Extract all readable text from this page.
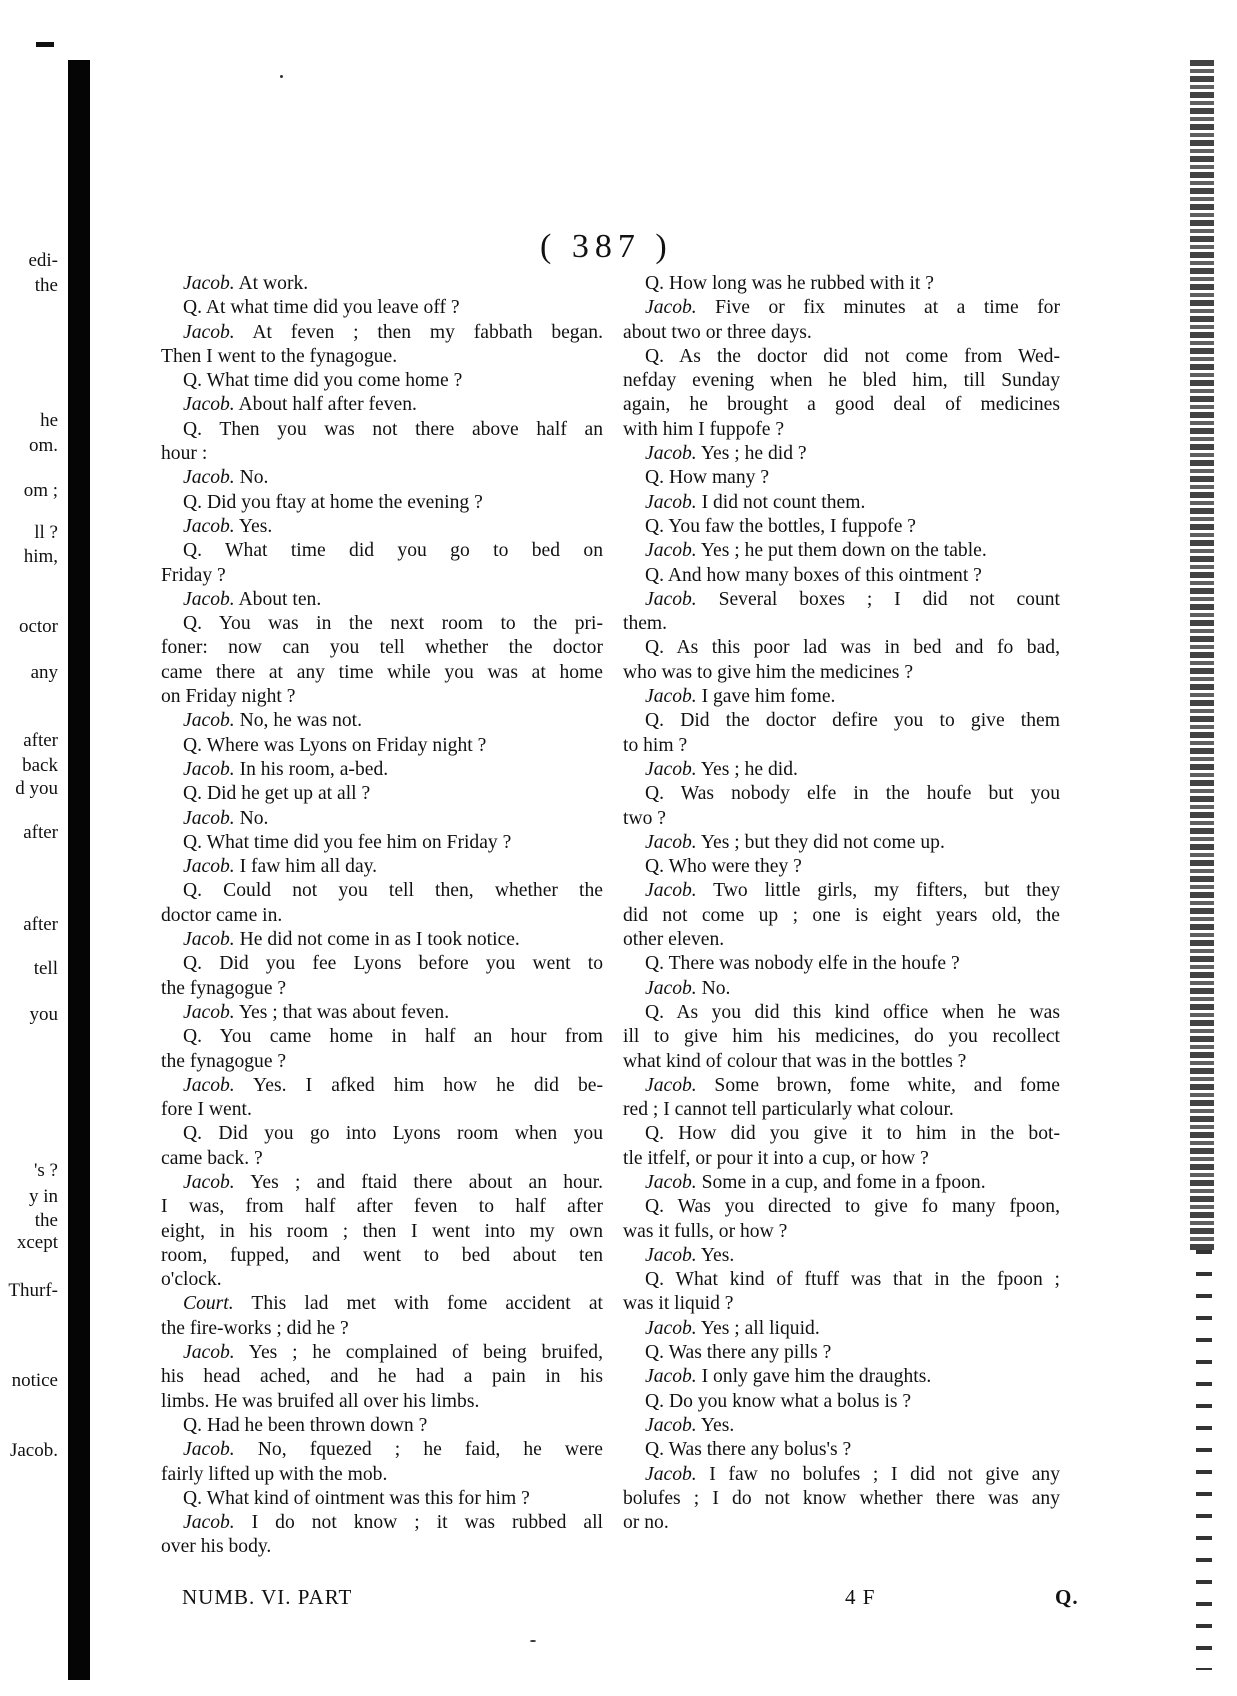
edi-
the
he
om.
om ;
ll ?
him,
octor
any
after
back
d you
after
after
tell
you
's ?
y in
the
xcept
Thurf-
notice
Jacob.
( 387 )
Jacob. At work.
Q. At what time did you leave off ?
Jacob. At feven ; then my fabbath began.
Then I went to the fynagogue.
Q. What time did you come home ?
Jacob. About half after feven.
Q. Then you was not there above half an
hour :
Jacob. No.
Q. Did you ftay at home the evening ?
Jacob. Yes.
Q. What time did you go to bed on
Friday ?
Jacob. About ten.
Q. You was in the next room to the pri-
foner: now can you tell whether the doctor
came there at any time while you was at home
on Friday night ?
Jacob. No, he was not.
Q. Where was Lyons on Friday night ?
Jacob. In his room, a-bed.
Q. Did he get up at all ?
Jacob. No.
Q. What time did you fee him on Friday ?
Jacob. I faw him all day.
Q. Could not you tell then, whether the
doctor came in.
Jacob. He did not come in as I took notice.
Q. Did you fee Lyons before you went to
the fynagogue ?
Jacob. Yes ; that was about feven.
Q. You came home in half an hour from
the fynagogue ?
Jacob. Yes. I afked him how he did be-
fore I went.
Q. Did you go into Lyons room when you
came back. ?
Jacob. Yes ; and ftaid there about an hour.
I was, from half after feven to half after
eight, in his room ; then I went into my own
room, fupped, and went to bed about ten
o'clock.
Court. This lad met with fome accident at
the fire-works ; did he ?
Jacob. Yes ; he complained of being bruifed,
his head ached, and he had a pain in his
limbs. He was bruifed all over his limbs.
Q. Had he been thrown down ?
Jacob. No, fquezed ; he faid, he were
fairly lifted up with the mob.
Q. What kind of ointment was this for him ?
Jacob. I do not know ; it was rubbed all
over his body.
Q. How long was he rubbed with it ?
Jacob. Five or fix minutes at a time for
about two or three days.
Q. As the doctor did not come from Wed-
nefday evening when he bled him, till Sunday
again, he brought a good deal of medicines
with him I fuppofe ?
Jacob. Yes ; he did ?
Q. How many ?
Jacob. I did not count them.
Q. You faw the bottles, I fuppofe ?
Jacob. Yes ; he put them down on the table.
Q. And how many boxes of this ointment ?
Jacob. Several boxes ; I did not count
them.
Q. As this poor lad was in bed and fo bad,
who was to give him the medicines ?
Jacob. I gave him fome.
Q. Did the doctor defire you to give them
to him ?
Jacob. Yes ; he did.
Q. Was nobody elfe in the houfe but you
two ?
Jacob. Yes ; but they did not come up.
Q. Who were they ?
Jacob. Two little girls, my fifters, but they
did not come up ; one is eight years old, the
other eleven.
Q. There was nobody elfe in the houfe ?
Jacob. No.
Q. As you did this kind office when he was
ill to give him his medicines, do you recollect
what kind of colour that was in the bottles ?
Jacob. Some brown, fome white, and fome
red ; I cannot tell particularly what colour.
Q. How did you give it to him in the bot-
tle itfelf, or pour it into a cup, or how ?
Jacob. Some in a cup, and fome in a fpoon.
Q. Was you directed to give fo many fpoon,
was it fulls, or how ?
Jacob. Yes.
Q. What kind of ftuff was that in the fpoon ;
was it liquid ?
Jacob. Yes ; all liquid.
Q. Was there any pills ?
Jacob. I only gave him the draughts.
Q. Do you know what a bolus is ?
Jacob. Yes.
Q. Was there any bolus's ?
Jacob. I faw no bolufes ; I did not give any
bolufes ; I do not know whether there was any
or no.
NUMB. VI. PART	4 F	Q.
